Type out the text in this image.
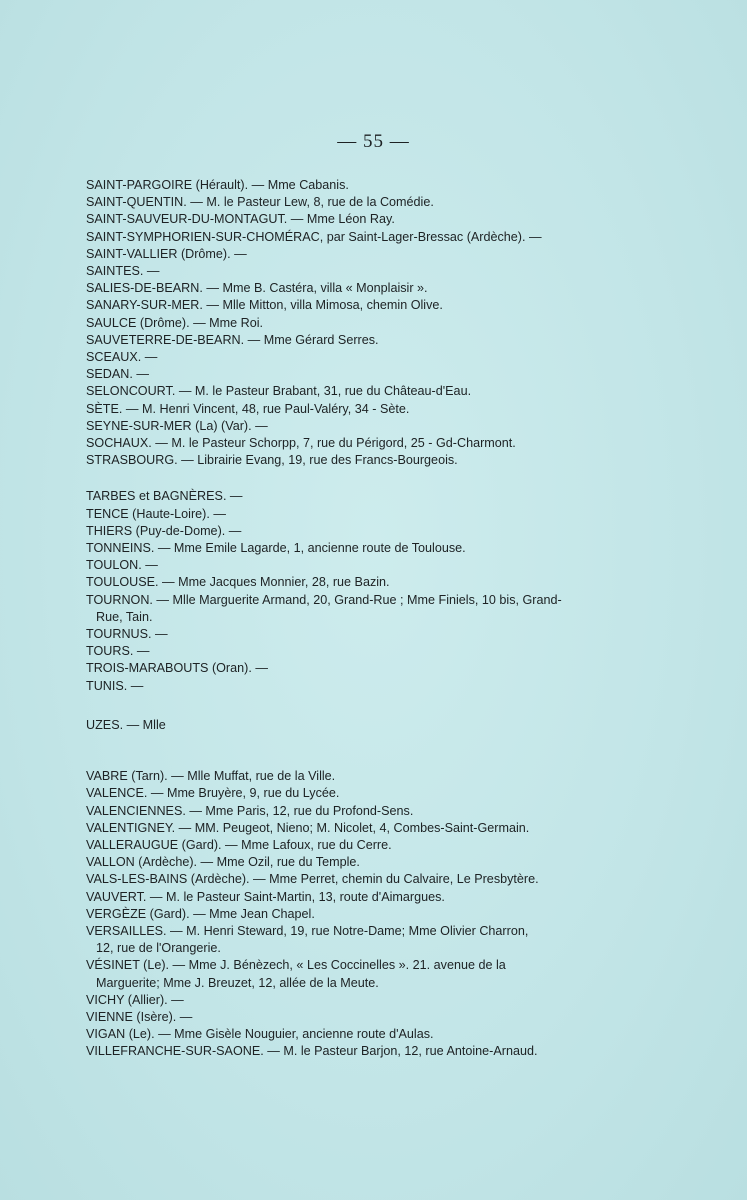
— 55 —
SAINT-PARGOIRE (Hérault). — Mme Cabanis.
SAINT-QUENTIN. — M. le Pasteur Lew, 8, rue de la Comédie.
SAINT-SAUVEUR-DU-MONTAGUT. — Mme Léon Ray.
SAINT-SYMPHORIEN-SUR-CHOMÉRAC, par Saint-Lager-Bressac (Ardèche). —
SAINT-VALLIER (Drôme). —
SAINTES. —
SALIES-DE-BEARN. — Mme B. Castéra, villa « Monplaisir ».
SANARY-SUR-MER. — Mlle Mitton, villa Mimosa, chemin Olive.
SAULCE (Drôme). — Mme Roi.
SAUVETERRE-DE-BEARN. — Mme Gérard Serres.
SCEAUX. —
SEDAN. —
SELONCOURT. — M. le Pasteur Brabant, 31, rue du Château-d'Eau.
SÈTE. — M. Henri Vincent, 48, rue Paul-Valéry, 34 - Sète.
SEYNE-SUR-MER (La) (Var). —
SOCHAUX. — M. le Pasteur Schorpp, 7, rue du Périgord, 25 - Gd-Charmont.
STRASBOURG. — Librairie Evang, 19, rue des Francs-Bourgeois.
TARBES et BAGNÈRES. —
TENCE (Haute-Loire). —
THIERS (Puy-de-Dome). —
TONNEINS. — Mme Emile Lagarde, 1, ancienne route de Toulouse.
TOULON. —
TOULOUSE. — Mme Jacques Monnier, 28, rue Bazin.
TOURNON. — Mlle Marguerite Armand, 20, Grand-Rue ; Mme Finiels, 10 bis, Grand-
Rue, Tain.
TOURNUS. —
TOURS. —
TROIS-MARABOUTS (Oran). —
TUNIS. —
UZES. — Mlle
VABRE (Tarn). — Mlle Muffat, rue de la Ville.
VALENCE. — Mme Bruyère, 9, rue du Lycée.
VALENCIENNES. — Mme Paris, 12, rue du Profond-Sens.
VALENTIGNEY. — MM. Peugeot, Nieno; M. Nicolet, 4, Combes-Saint-Germain.
VALLERAUGUE (Gard). — Mme Lafoux, rue du Cerre.
VALLON (Ardèche). — Mme Ozil, rue du Temple.
VALS-LES-BAINS (Ardèche). — Mme Perret, chemin du Calvaire, Le Presbytère.
VAUVERT. — M. le Pasteur Saint-Martin, 13, route d'Aimargues.
VERGÈZE (Gard). — Mme Jean Chapel.
VERSAILLES. — M. Henri Steward, 19, rue Notre-Dame; Mme Olivier Charron,
12, rue de l'Orangerie.
VÉSINET (Le). — Mme J. Bénèzech, « Les Coccinelles ». 21. avenue de la
Marguerite; Mme J. Breuzet, 12, allée de la Meute.
VICHY (Allier). —
VIENNE (Isère). —
VIGAN (Le). — Mme Gisèle Nouguier, ancienne route d'Aulas.
VILLEFRANCHE-SUR-SAONE. — M. le Pasteur Barjon, 12, rue Antoine-Arnaud.
